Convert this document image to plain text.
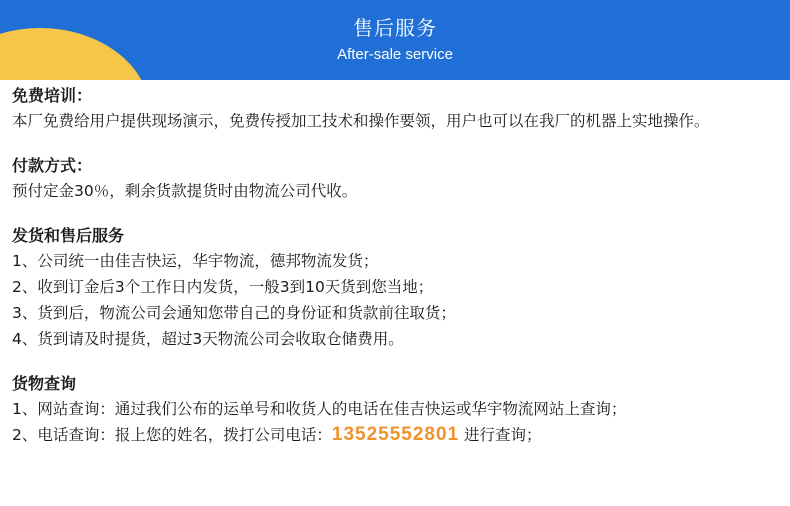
售后服务
After-sale service
免费培训：
本厂免费给用户提供现场演示，免费传授加工技术和操作要领，用户也可以在我厂的机器上实地操作。
付款方式：
预付定金30％，剩余货款提货时由物流公司代收。
发货和售后服务
1、公司统一由佳吉快运，华宇物流，德邦物流发货；
2、收到订金后3个工作日内发货，一般3到10天货到您当地；
3、货到后，物流公司会通知您带自己的身份证和货款前往取货；
4、货到请及时提货，超过3天物流公司会收取仓储费用。
货物查询
1、网站查询：通过我们公布的运单号和收货人的电话在佳吉快运或华宇物流网站上查询；
2、电话查询：报上您的姓名，拨打公司电话：13525552801 进行查询；
